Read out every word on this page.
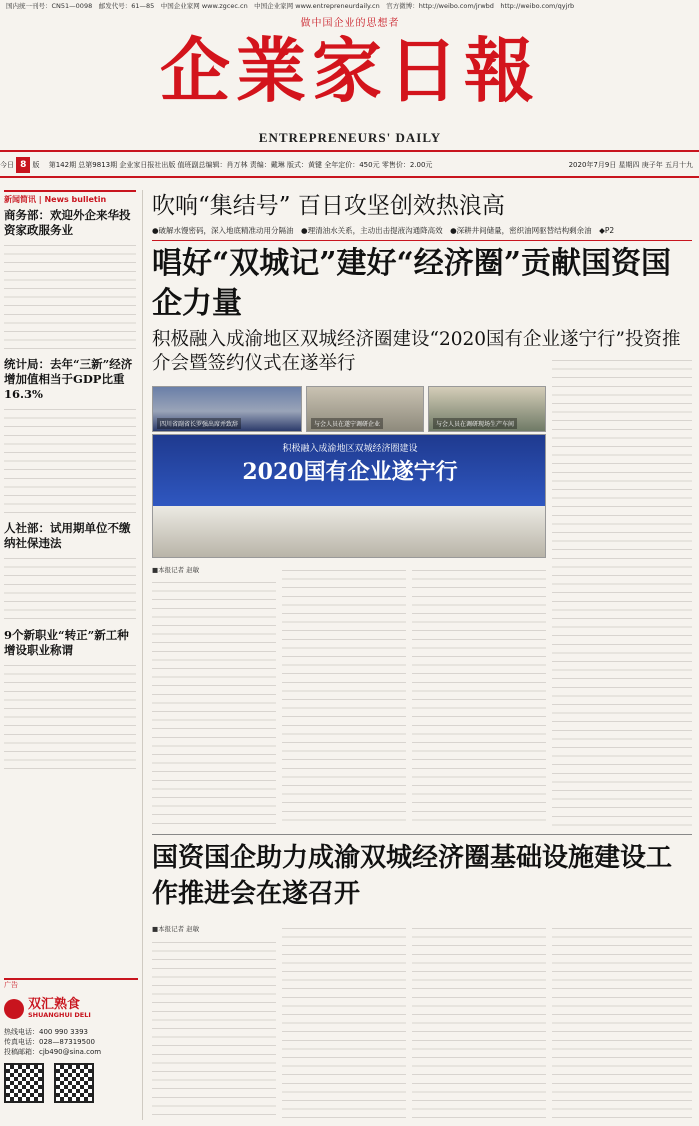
国内统一刊号：CN51—0098　邮发代号：61—85　中国企业家网 www.zgcec.cn　中国企业家网 www.entrepreneurdaily.cn　官方微博：http://weibo.com/jrwbd　http://weibo.com/qyjrb
做中国企业的思想者
企業家日報
ENTREPRENEURS' DAILY
今日 8 版　 第142期 总第9813期 企业家日报社出版 值班副总编辑：肖万林 责编：戴琳 版式：黄键 全年定价：450元 零售价：2.00元	2020年7月9日 星期四 庚子年 五月十九
新闻简讯 | News bulletin
商务部：欢迎外企来华投资家政服务业
统计局：去年“三新”经济增加值相当于GDP比重16.3%
人社部：试用期单位不缴纳社保违法
9个新职业“转正”新工种增设职业称谓
广告
双汇熟食
SHUANGHUI DELI
热线电话：400 990 3393
传真电话：028—87319500
投稿邮箱：cjb490@sina.com
吹响“集结号” 百日攻坚创效热浪高
●破解水馒密码，深入地底精准动用分隔油　●理清油水关系，主动出击提液沟通降高效　●深耕井间储量，密织油网驱替结构剩余油　◆P2
唱好“双城记”建好“经济圈”贡献国资国企力量
积极融入成渝地区双城经济圈建设“2020国有企业遂宁行”投资推介会暨签约仪式在遂举行
四川省副省长罗强出席并致辞	与会人员在遂宁调研企业	与会人员在调研现场生产车间
积极融入成渝地区双城经济圈建设
2020国有企业遂宁行
■本报记者 赵敏
国资国企助力成渝双城经济圈基础设施建设工作推进会在遂召开
■本报记者 赵敏
